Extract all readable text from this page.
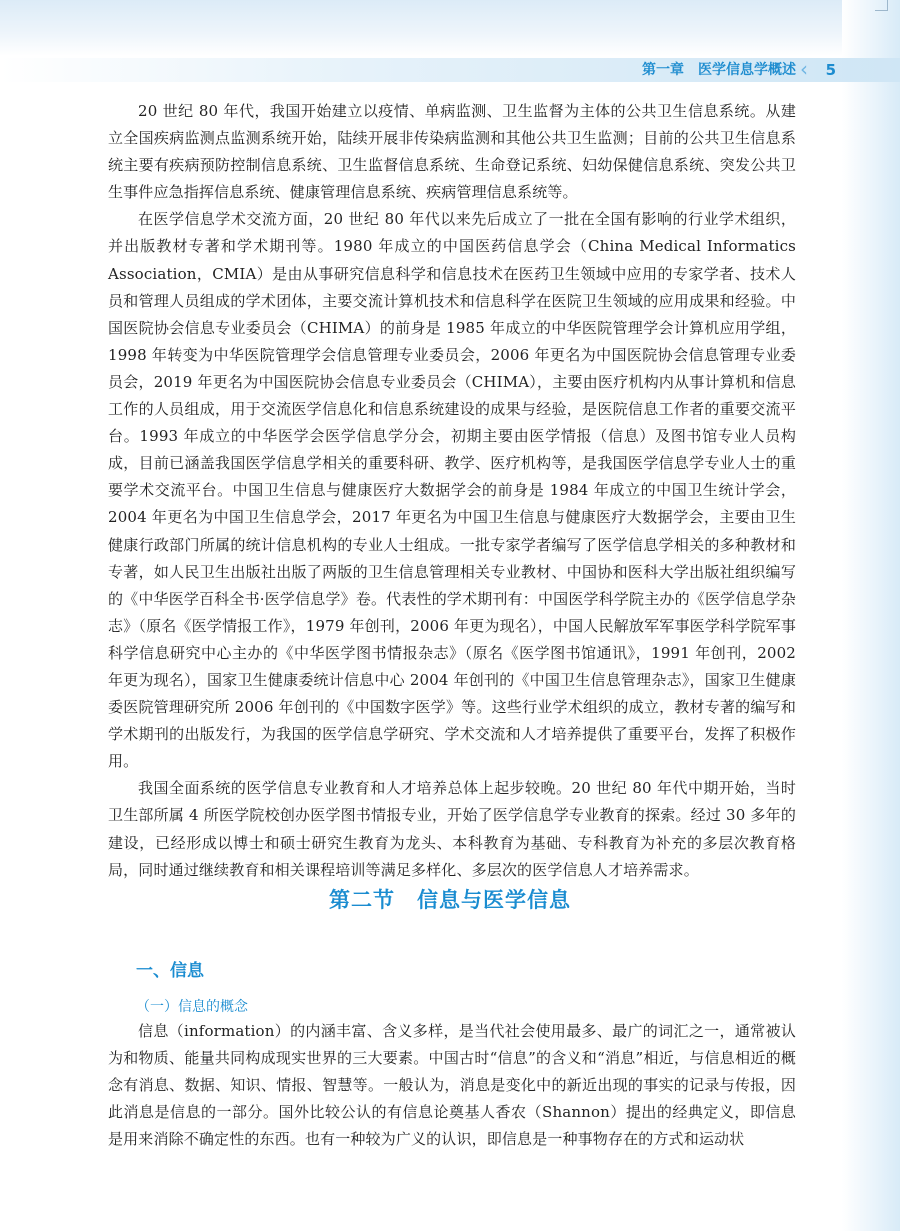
第一章　医学信息学概述 ‹	5

20 世纪 80 年代，我国开始建立以疫情、单病监测、卫生监督为主体的公共卫生信息系统。从建立全国疾病监测点监测系统开始，陆续开展非传染病监测和其他公共卫生监测；目前的公共卫生信息系统主要有疾病预防控制信息系统、卫生监督信息系统、生命登记系统、妇幼保健信息系统、突发公共卫生事件应急指挥信息系统、健康管理信息系统、疾病管理信息系统等。

在医学信息学术交流方面，20 世纪 80 年代以来先后成立了一批在全国有影响的行业学术组织，并出版教材专著和学术期刊等。1980 年成立的中国医药信息学会（China Medical Informatics Association，CMIA）是由从事研究信息科学和信息技术在医药卫生领域中应用的专家学者、技术人员和管理人员组成的学术团体，主要交流计算机技术和信息科学在医院卫生领域的应用成果和经验。中国医院协会信息专业委员会（CHIMA）的前身是 1985 年成立的中华医院管理学会计算机应用学组，1998 年转变为中华医院管理学会信息管理专业委员会，2006 年更名为中国医院协会信息管理专业委员会，2019 年更名为中国医院协会信息专业委员会（CHIMA），主要由医疗机构内从事计算机和信息工作的人员组成，用于交流医学信息化和信息系统建设的成果与经验，是医院信息工作者的重要交流平台。1993 年成立的中华医学会医学信息学分会，初期主要由医学情报（信息）及图书馆专业人员构成，目前已涵盖我国医学信息学相关的重要科研、教学、医疗机构等，是我国医学信息学专业人士的重要学术交流平台。中国卫生信息与健康医疗大数据学会的前身是 1984 年成立的中国卫生统计学会，2004 年更名为中国卫生信息学会，2017 年更名为中国卫生信息与健康医疗大数据学会，主要由卫生健康行政部门所属的统计信息机构的专业人士组成。一批专家学者编写了医学信息学相关的多种教材和专著，如人民卫生出版社出版了两版的卫生信息管理相关专业教材、中国协和医科大学出版社组织编写的《中华医学百科全书·医学信息学》卷。代表性的学术期刊有：中国医学科学院主办的《医学信息学杂志》（原名《医学情报工作》，1979 年创刊，2006 年更为现名），中国人民解放军军事医学科学院军事科学信息研究中心主办的《中华医学图书情报杂志》（原名《医学图书馆通讯》，1991 年创刊，2002 年更为现名），国家卫生健康委统计信息中心 2004 年创刊的《中国卫生信息管理杂志》，国家卫生健康委医院管理研究所 2006 年创刊的《中国数字医学》等。这些行业学术组织的成立，教材专著的编写和学术期刊的出版发行，为我国的医学信息学研究、学术交流和人才培养提供了重要平台，发挥了积极作用。

我国全面系统的医学信息专业教育和人才培养总体上起步较晚。20 世纪 80 年代中期开始，当时卫生部所属 4 所医学院校创办医学图书情报专业，开始了医学信息学专业教育的探索。经过 30 多年的建设，已经形成以博士和硕士研究生教育为龙头、本科教育为基础、专科教育为补充的多层次教育格局，同时通过继续教育和相关课程培训等满足多样化、多层次的医学信息人才培养需求。

第二节　信息与医学信息
一、信息
（一）信息的概念

信息（information）的内涵丰富、含义多样，是当代社会使用最多、最广的词汇之一，通常被认为和物质、能量共同构成现实世界的三大要素。中国古时“信息”的含义和“消息”相近，与信息相近的概念有消息、数据、知识、情报、智慧等。一般认为，消息是变化中的新近出现的事实的记录与传报，因此消息是信息的一部分。国外比较公认的有信息论奠基人香农（Shannon）提出的经典定义，即信息是用来消除不确定性的东西。也有一种较为广义的认识，即信息是一种事物存在的方式和运动状
